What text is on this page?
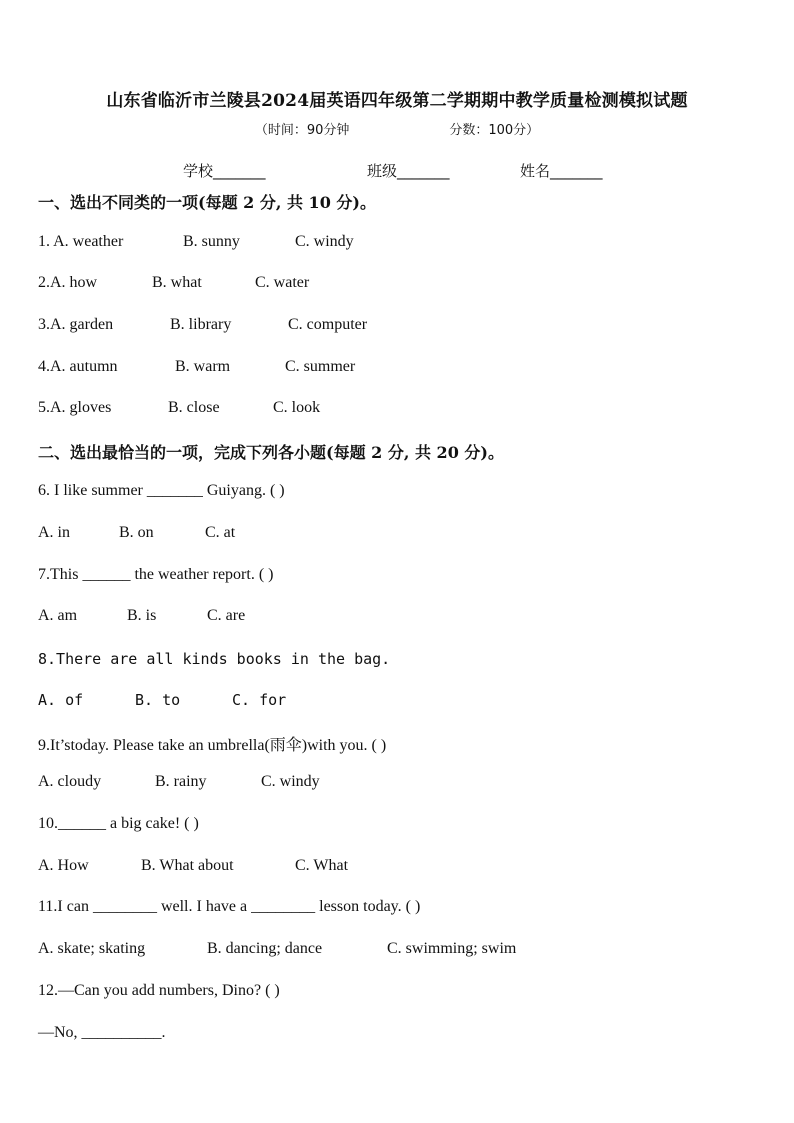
山东省临沂市兰陵县2024届英语四年级第二学期期中教学质量检测模拟试题
（时间：90分钟	分数：100分）
学校_______	班级_______	姓名_______
一、选出不同类的一项(每题 2 分, 共 10 分)。
1. A. weather	B. sunny	C. windy
2.A. how	B. what	C. water
3.A. garden	B. library	C. computer
4.A. autumn	B. warm	C. summer
5.A. gloves	B. close	C. look
二、选出最恰当的一项，完成下列各小题(每题 2 分, 共 20 分)。
6. I like summer _______ Guiyang. ( )
A. in	B. on	C. at
7.This ______ the weather report. ( )
A. am	B. is	C. are
8.There are all kinds books in the bag.
A. of	B. to	C. for
9.It’stoday. Please take an umbrella(雨伞)with you. ( )
A. cloudy	B. rainy	C. windy
10.______ a big cake! ( )
A. How	B. What about	C. What
11.I can ________ well. I have a ________ lesson today. ( )
A. skate; skating	B. dancing; dance	C. swimming; swim
12.—Can you add numbers, Dino? ( )
—No, __________.
